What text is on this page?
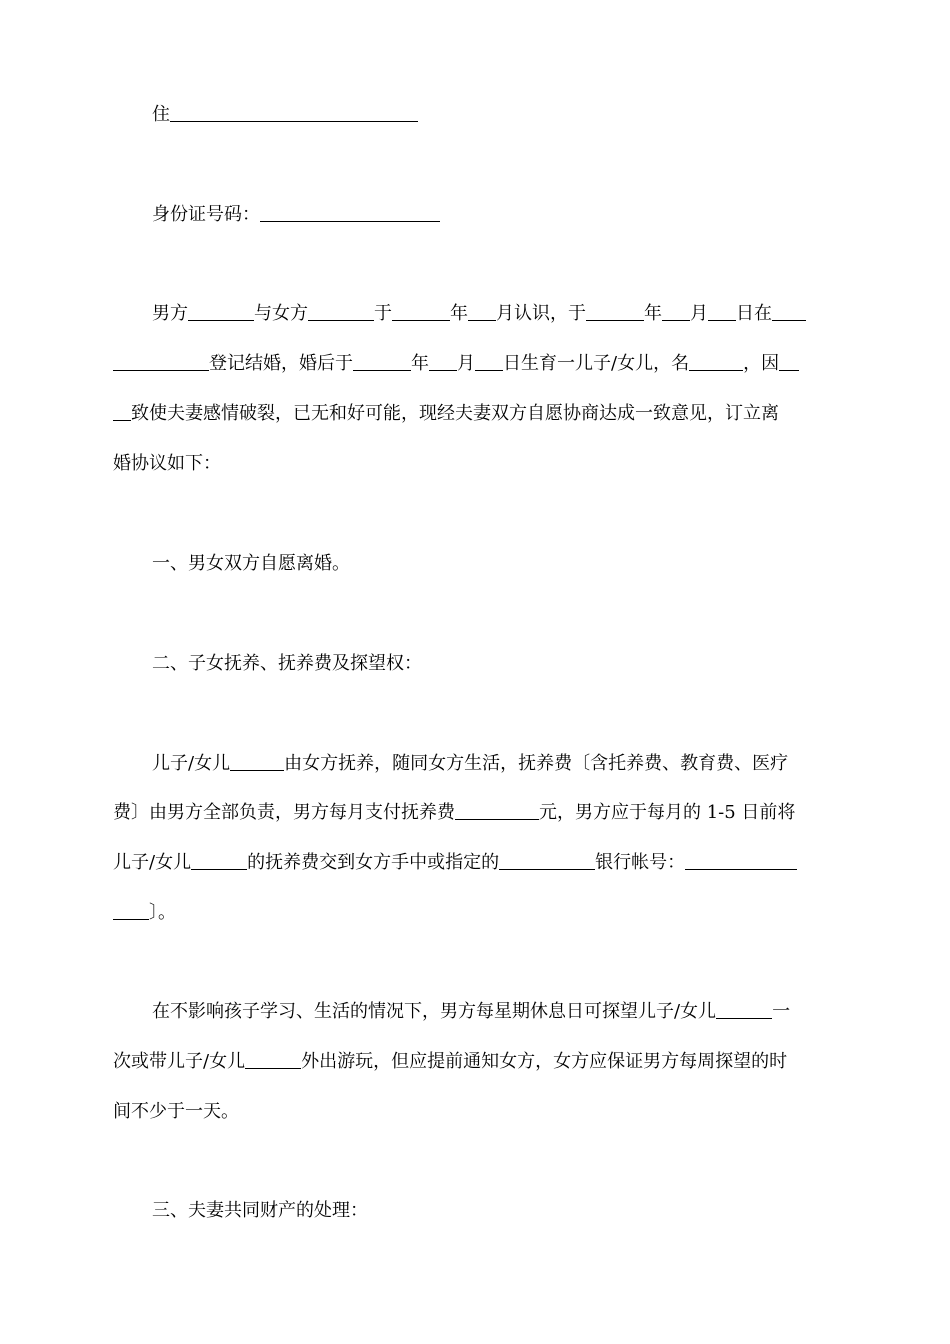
住
身份证号码：
男方	与女方	于	年 月认识，于	年 月 日在
登记结婚，婚后于	年 月 日生育一儿子/女儿，名	，因
致使夫妻感情破裂，已无和好可能，现经夫妻双方自愿协商达成一致意见，订立离
婚协议如下：
一、男女双方自愿离婚。
二、子女抚养、抚养费及探望权：
儿子/女儿	由女方抚养，随同女方生活，抚养费〔含托养费、教育费、医疗
费〕由男方全部负责，男方每月支付抚养费	元，男方应于每月的 1-5 日前将
儿子/女儿	的抚养费交到女方手中或指定的	银行帐号：
〕。
在不影响孩子学习、生活的情况下，男方每星期休息日可探望儿子/女儿	一
次或带儿子/女儿	外出游玩，但应提前通知女方，女方应保证男方每周探望的时
间不少于一天。
三、夫妻共同财产的处理：
